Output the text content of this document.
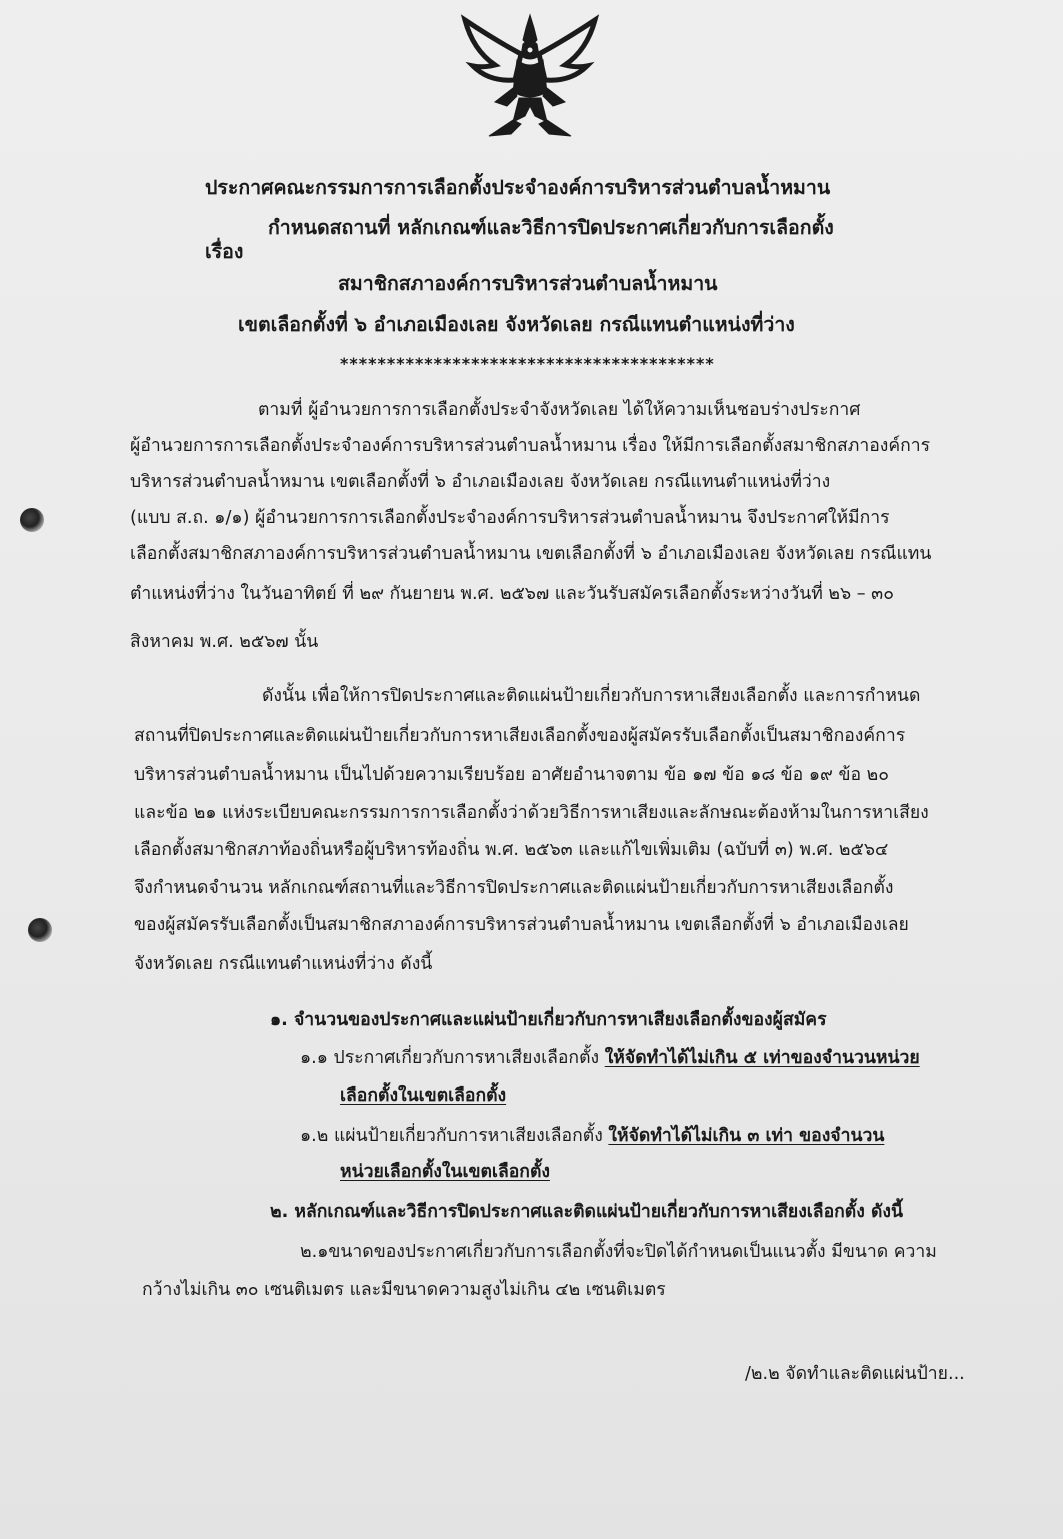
ประกาศคณะกรรมการการเลือกตั้งประจำองค์การบริหารส่วนตำบลน้ำหมาน
เรื่อง
กำหนดสถานที่ หลักเกณฑ์และวิธีการปิดประกาศเกี่ยวกับการเลือกตั้ง
สมาชิกสภาองค์การบริหารส่วนตำบลน้ำหมาน
เขตเลือกตั้งที่ ๖ อำเภอเมืองเลย จังหวัดเลย กรณีแทนตำแหน่งที่ว่าง
****************************************
ตามที่ ผู้อำนวยการการเลือกตั้งประจำจังหวัดเลย ได้ให้ความเห็นชอบร่างประกาศ
ผู้อำนวยการการเลือกตั้งประจำองค์การบริหารส่วนตำบลน้ำหมาน เรื่อง ให้มีการเลือกตั้งสมาชิกสภาองค์การ
บริหารส่วนตำบลน้ำหมาน เขตเลือกตั้งที่ ๖ อำเภอเมืองเลย จังหวัดเลย กรณีแทนตำแหน่งที่ว่าง
(แบบ ส.ถ. ๑/๑) ผู้อำนวยการการเลือกตั้งประจำองค์การบริหารส่วนตำบลน้ำหมาน จึงประกาศให้มีการ
เลือกตั้งสมาชิกสภาองค์การบริหารส่วนตำบลน้ำหมาน เขตเลือกตั้งที่ ๖ อำเภอเมืองเลย จังหวัดเลย กรณีแทน
ตำแหน่งที่ว่าง ในวันอาทิตย์ ที่ ๒๙ กันยายน พ.ศ. ๒๕๖๗ และวันรับสมัครเลือกตั้งระหว่างวันที่ ๒๖ – ๓๐
สิงหาคม พ.ศ. ๒๕๖๗ นั้น
ดังนั้น เพื่อให้การปิดประกาศและติดแผ่นป้ายเกี่ยวกับการหาเสียงเลือกตั้ง และการกำหนด
สถานที่ปิดประกาศและติดแผ่นป้ายเกี่ยวกับการหาเสียงเลือกตั้งของผู้สมัครรับเลือกตั้งเป็นสมาชิกองค์การ
บริหารส่วนตำบลน้ำหมาน เป็นไปด้วยความเรียบร้อย อาศัยอำนาจตาม ข้อ ๑๗ ข้อ ๑๘ ข้อ ๑๙ ข้อ ๒๐
และข้อ ๒๑ แห่งระเบียบคณะกรรมการการเลือกตั้งว่าด้วยวิธีการหาเสียงและลักษณะต้องห้ามในการหาเสียง
เลือกตั้งสมาชิกสภาท้องถิ่นหรือผู้บริหารท้องถิ่น พ.ศ. ๒๕๖๓ และแก้ไขเพิ่มเติม (ฉบับที่ ๓) พ.ศ. ๒๕๖๔
จึงกำหนดจำนวน หลักเกณฑ์สถานที่และวิธีการปิดประกาศและติดแผ่นป้ายเกี่ยวกับการหาเสียงเลือกตั้ง
ของผู้สมัครรับเลือกตั้งเป็นสมาชิกสภาองค์การบริหารส่วนตำบลน้ำหมาน เขตเลือกตั้งที่ ๖ อำเภอเมืองเลย
จังหวัดเลย กรณีแทนตำแหน่งที่ว่าง ดังนี้
๑. จำนวนของประกาศและแผ่นป้ายเกี่ยวกับการหาเสียงเลือกตั้งของผู้สมัคร
๑.๑ ประกาศเกี่ยวกับการหาเสียงเลือกตั้ง ให้จัดทำได้ไม่เกิน ๕ เท่าของจำนวนหน่วย
เลือกตั้งในเขตเลือกตั้ง
๑.๒ แผ่นป้ายเกี่ยวกับการหาเสียงเลือกตั้ง ให้จัดทำได้ไม่เกิน ๓ เท่า ของจำนวน
หน่วยเลือกตั้งในเขตเลือกตั้ง
๒. หลักเกณฑ์และวิธีการปิดประกาศและติดแผ่นป้ายเกี่ยวกับการหาเสียงเลือกตั้ง ดังนี้
๒.๑ขนาดของประกาศเกี่ยวกับการเลือกตั้งที่จะปิดได้กำหนดเป็นแนวตั้ง มีขนาด ความ
กว้างไม่เกิน ๓๐ เซนติเมตร และมีขนาดความสูงไม่เกิน ๔๒ เซนติเมตร
/๒.๒ จัดทำและติดแผ่นป้าย...
